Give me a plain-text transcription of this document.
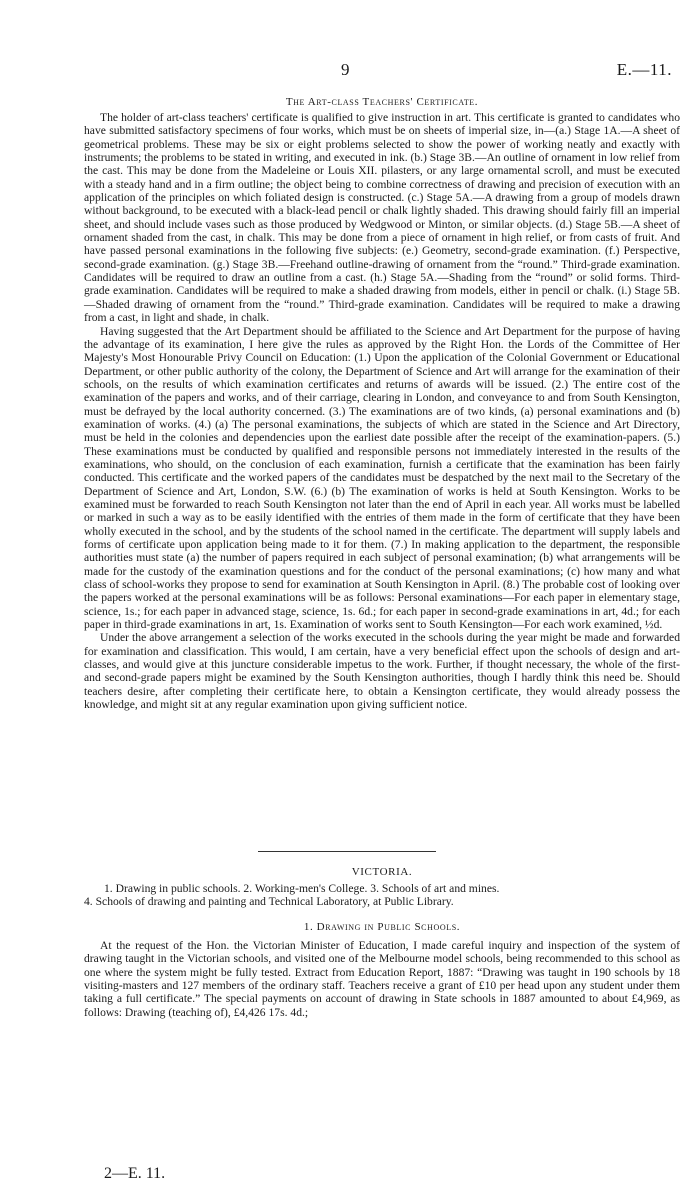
9	E.—11.
The Art-class Teachers' Certificate.

The holder of art-class teachers' certificate is qualified to give instruction in art. This certificate is granted to candidates who have submitted satisfactory specimens of four works, which must be on sheets of imperial size, in—(a.) Stage 1A.—A sheet of geometrical problems. These may be six or eight problems selected to show the power of working neatly and exactly with instruments; the problems to be stated in writing, and executed in ink. (b.) Stage 3B.—An outline of ornament in low relief from the cast. This may be done from the Madeleine or Louis XII. pilasters, or any large ornamental scroll, and must be executed with a steady hand and in a firm outline; the object being to combine correctness of drawing and precision of execution with an application of the principles on which foliated design is constructed. (c.) Stage 5A.—A drawing from a group of models drawn without background, to be executed with a black-lead pencil or chalk lightly shaded. This drawing should fairly fill an imperial sheet, and should include vases such as those produced by Wedgwood or Minton, or similar objects. (d.) Stage 5B.—A sheet of ornament shaded from the cast, in chalk. This may be done from a piece of ornament in high relief, or from casts of fruit. And have passed personal examinations in the following five subjects: (e.) Geometry, second-grade examination. (f.) Perspective, second-grade examination. (g.) Stage 3B.—Freehand outline-drawing of ornament from the “round.” Third-grade examination. Candidates will be required to draw an outline from a cast. (h.) Stage 5A.—Shading from the “round” or solid forms. Third-grade examination. Candidates will be required to make a shaded drawing from models, either in pencil or chalk. (i.) Stage 5B.—Shaded drawing of ornament from the “round.” Third-grade examination. Candidates will be required to make a drawing from a cast, in light and shade, in chalk.

Having suggested that the Art Department should be affiliated to the Science and Art Department for the purpose of having the advantage of its examination, I here give the rules as approved by the Right Hon. the Lords of the Committee of Her Majesty's Most Honourable Privy Council on Education: (1.) Upon the application of the Colonial Government or Educational Department, or other public authority of the colony, the Department of Science and Art will arrange for the examination of their schools, on the results of which examination certificates and returns of awards will be issued. (2.) The entire cost of the examination of the papers and works, and of their carriage, clearing in London, and conveyance to and from South Kensington, must be defrayed by the local authority concerned. (3.) The examinations are of two kinds, (a) personal examinations and (b) examination of works. (4.) (a) The personal examinations, the subjects of which are stated in the Science and Art Directory, must be held in the colonies and dependencies upon the earliest date possible after the receipt of the examination-papers. (5.) These examinations must be conducted by qualified and responsible persons not immediately interested in the results of the examinations, who should, on the conclusion of each examination, furnish a certificate that the examination has been fairly conducted. This certificate and the worked papers of the candidates must be despatched by the next mail to the Secretary of the Department of Science and Art, London, S.W. (6.) (b) The examination of works is held at South Kensington. Works to be examined must be forwarded to reach South Kensington not later than the end of April in each year. All works must be labelled or marked in such a way as to be easily identified with the entries of them made in the form of certificate that they have been wholly executed in the school, and by the students of the school named in the certificate. The department will supply labels and forms of certificate upon application being made to it for them. (7.) In making application to the department, the responsible authorities must state (a) the number of papers required in each subject of personal examination; (b) what arrangements will be made for the custody of the examination questions and for the conduct of the personal examinations; (c) how many and what class of school-works they propose to send for examination at South Kensington in April. (8.) The probable cost of looking over the papers worked at the personal examinations will be as follows: Personal examinations—For each paper in elementary stage, science, 1s.; for each paper in advanced stage, science, 1s. 6d.; for each paper in second-grade examinations in art, 4d.; for each paper in third-grade examinations in art, 1s. Examination of works sent to South Kensington—For each work examined, ½d.

Under the above arrangement a selection of the works executed in the schools during the year might be made and forwarded for examination and classification. This would, I am certain, have a very beneficial effect upon the schools of design and art-classes, and would give at this juncture considerable impetus to the work. Further, if thought necessary, the whole of the first- and second-grade papers might be examined by the South Kensington authorities, though I hardly think this need be. Should teachers desire, after completing their certificate here, to obtain a Kensington certificate, they would already possess the knowledge, and might sit at any regular examination upon giving sufficient notice.

VICTORIA.

1. Drawing in public schools. 2. Working-men's College. 3. Schools of art and mines.

4. Schools of drawing and painting and Technical Laboratory, at Public Library.

1. Drawing in Public Schools.

At the request of the Hon. the Victorian Minister of Education, I made careful inquiry and inspection of the system of drawing taught in the Victorian schools, and visited one of the Melbourne model schools, being recommended to this school as one where the system might be fully tested. Extract from Education Report, 1887: “Drawing was taught in 190 schools by 18 visiting-masters and 127 members of the ordinary staff. Teachers receive a grant of £10 per head upon any student under them taking a full certificate.” The special payments on account of drawing in State schools in 1887 amounted to about £4,969, as follows: Drawing (teaching of), £4,426 17s. 4d.;

2—E. 11.
